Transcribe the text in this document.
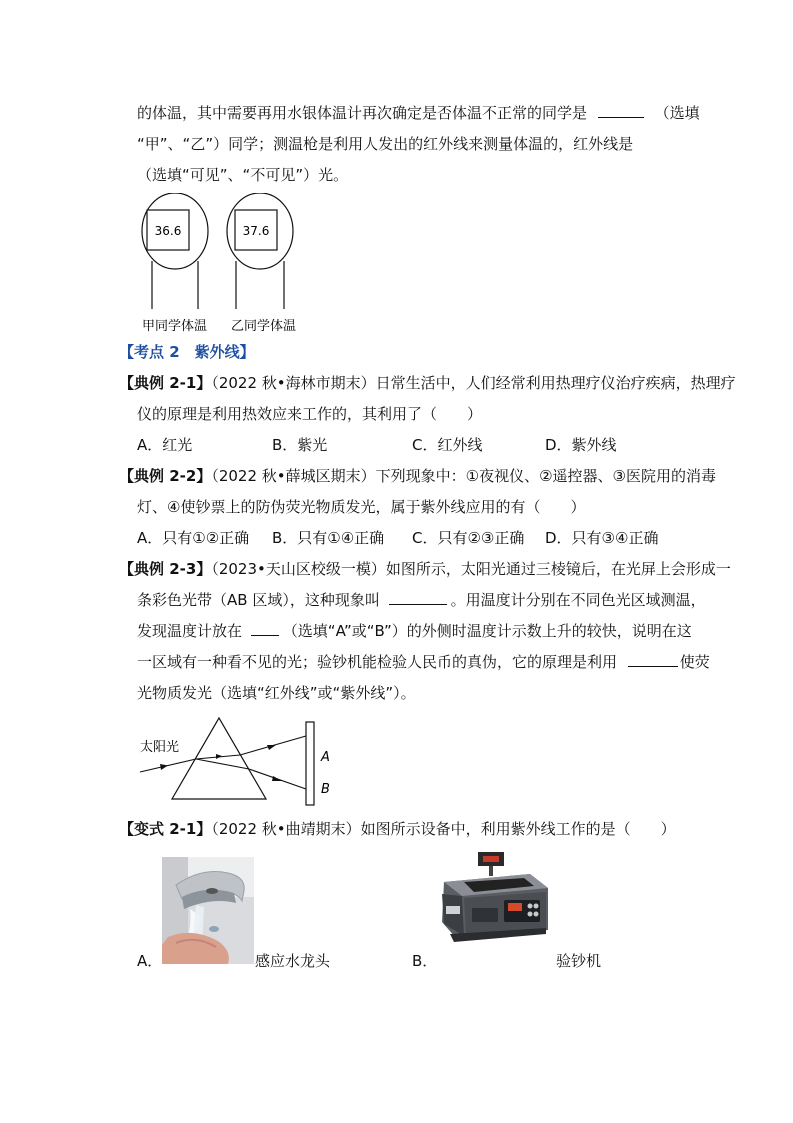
的体温，其中需要再用水银体温计再次确定是否体温不正常的同学是	（选填
“甲”、“乙”）同学；测温枪是利用人发出的红外线来测量体温的，红外线是
（选填“可见”、“不可见”）光。
36.6	37.6
甲同学体温 乙同学体温
【考点 2　紫外线】
【典例 2-1】（2022 秋•海林市期末）日常生活中，人们经常利用热理疗仪治疗疾病，热理疗
仪的原理是利用热效应来工作的，其利用了（　　）
A．红光	B．紫光	C．红外线	D．紫外线
【典例 2-2】（2022 秋•薛城区期末）下列现象中：①夜视仪、②遥控器、③医院用的消毒
灯、④使钞票上的防伪荧光物质发光，属于紫外线应用的有（　　）
A．只有①②正确 B．只有①④正确 C．只有②③正确 D．只有③④正确
【典例 2-3】（2023•天山区校级一模）如图所示，太阳光通过三棱镜后，在光屏上会形成一
条彩色光带（AB 区域），这种现象叫	。用温度计分别在不同色光区域测温，
发现温度计放在	（选填“A”或“B”）的外侧时温度计示数上升的较快，说明在这
一区域有一种看不见的光；验钞机能检验人民币的真伪，它的原理是利用	使荧
光物质发光（选填“红外线”或“紫外线”）。
太阳光
A
B
【变式 2-1】（2022 秋•曲靖期末）如图所示设备中，利用紫外线工作的是（　　）
A．	感应水龙头	B．	验钞机
